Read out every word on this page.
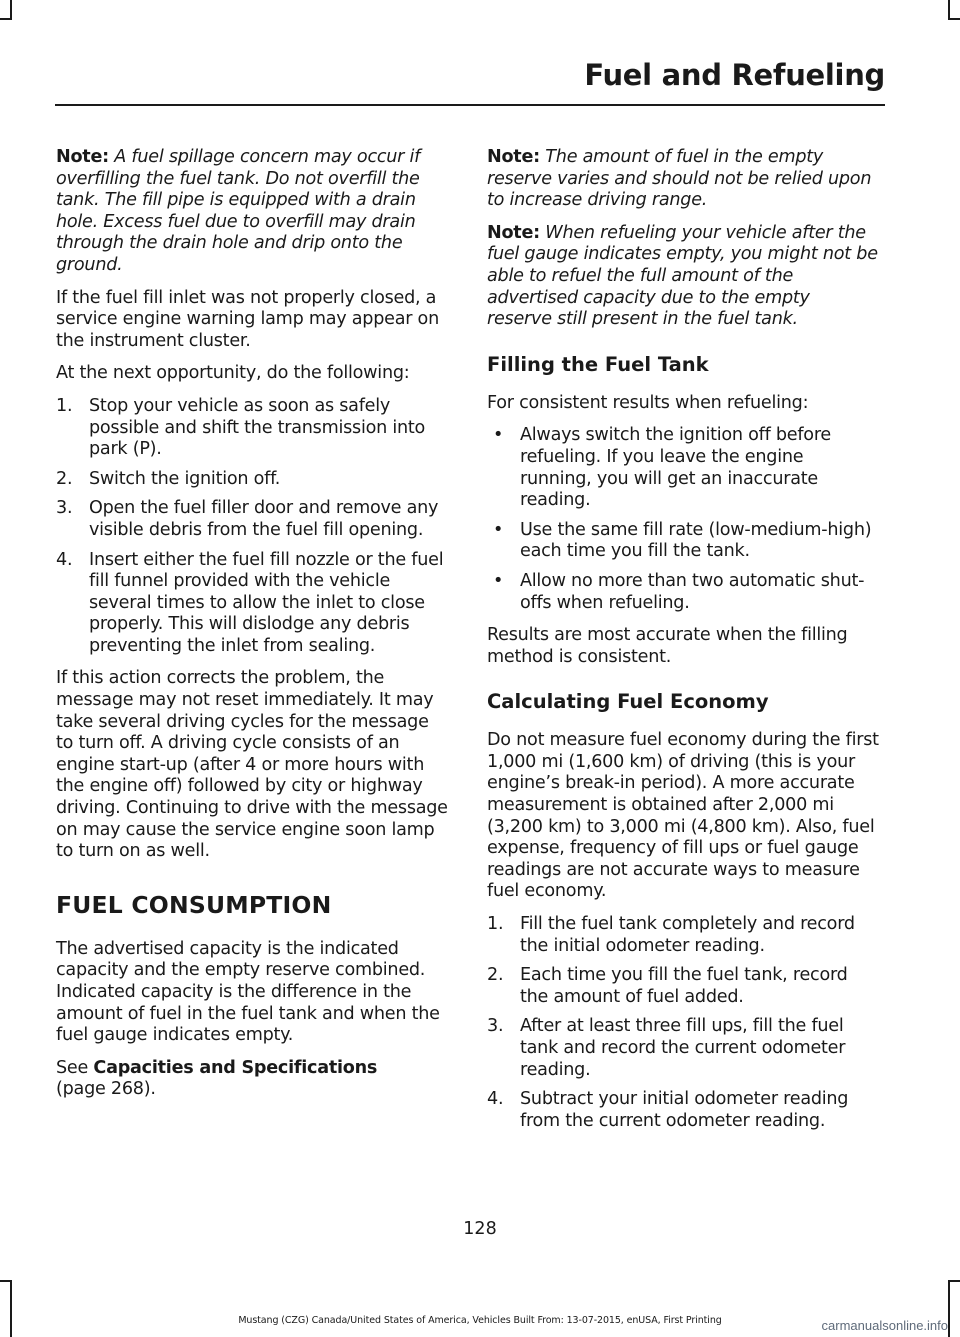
Fuel and Refueling

Note: A fuel spillage concern may occur if overfilling the fuel tank. Do not overfill the tank. The fill pipe is equipped with a drain hole. Excess fuel due to overfill may drain through the drain hole and drip onto the ground.

If the fuel fill inlet was not properly closed, a service engine warning lamp may appear on the instrument cluster.

At the next opportunity, do the following:

1. Stop your vehicle as soon as safely possible and shift the transmission into park (P).
2. Switch the ignition off.
3. Open the fuel filler door and remove any visible debris from the fuel fill opening.
4. Insert either the fuel fill nozzle or the fuel fill funnel provided with the vehicle several times to allow the inlet to close properly. This will dislodge any debris preventing the inlet from sealing.

If this action corrects the problem, the message may not reset immediately. It may take several driving cycles for the message to turn off. A driving cycle consists of an engine start-up (after 4 or more hours with the engine off) followed by city or highway driving. Continuing to drive with the message on may cause the service engine soon lamp to turn on as well.

FUEL CONSUMPTION

The advertised capacity is the indicated capacity and the empty reserve combined. Indicated capacity is the difference in the amount of fuel in the fuel tank and when the fuel gauge indicates empty.

See Capacities and Specifications
(page 268).

Note: The amount of fuel in the empty reserve varies and should not be relied upon to increase driving range.

Note: When refueling your vehicle after the fuel gauge indicates empty, you might not be able to refuel the full amount of the advertised capacity due to the empty reserve still present in the fuel tank.

Filling the Fuel Tank

For consistent results when refueling:

• Always switch the ignition off before refueling. If you leave the engine running, you will get an inaccurate reading.
• Use the same fill rate (low-medium-high) each time you fill the tank.
• Allow no more than two automatic shut-offs when refueling.

Results are most accurate when the filling method is consistent.

Calculating Fuel Economy

Do not measure fuel economy during the first 1,000 mi (1,600 km) of driving (this is your engine’s break-in period). A more accurate measurement is obtained after 2,000 mi (3,200 km) to 3,000 mi (4,800 km). Also, fuel expense, frequency of fill ups or fuel gauge readings are not accurate ways to measure fuel economy.

1. Fill the fuel tank completely and record the initial odometer reading.
2. Each time you fill the fuel tank, record the amount of fuel added.
3. After at least three fill ups, fill the fuel tank and record the current odometer reading.
4. Subtract your initial odometer reading from the current odometer reading.
128
Mustang (CZG) Canada/United States of America, Vehicles Built From: 13-07-2015, enUSA, First Printing	carmanualsonline.info
